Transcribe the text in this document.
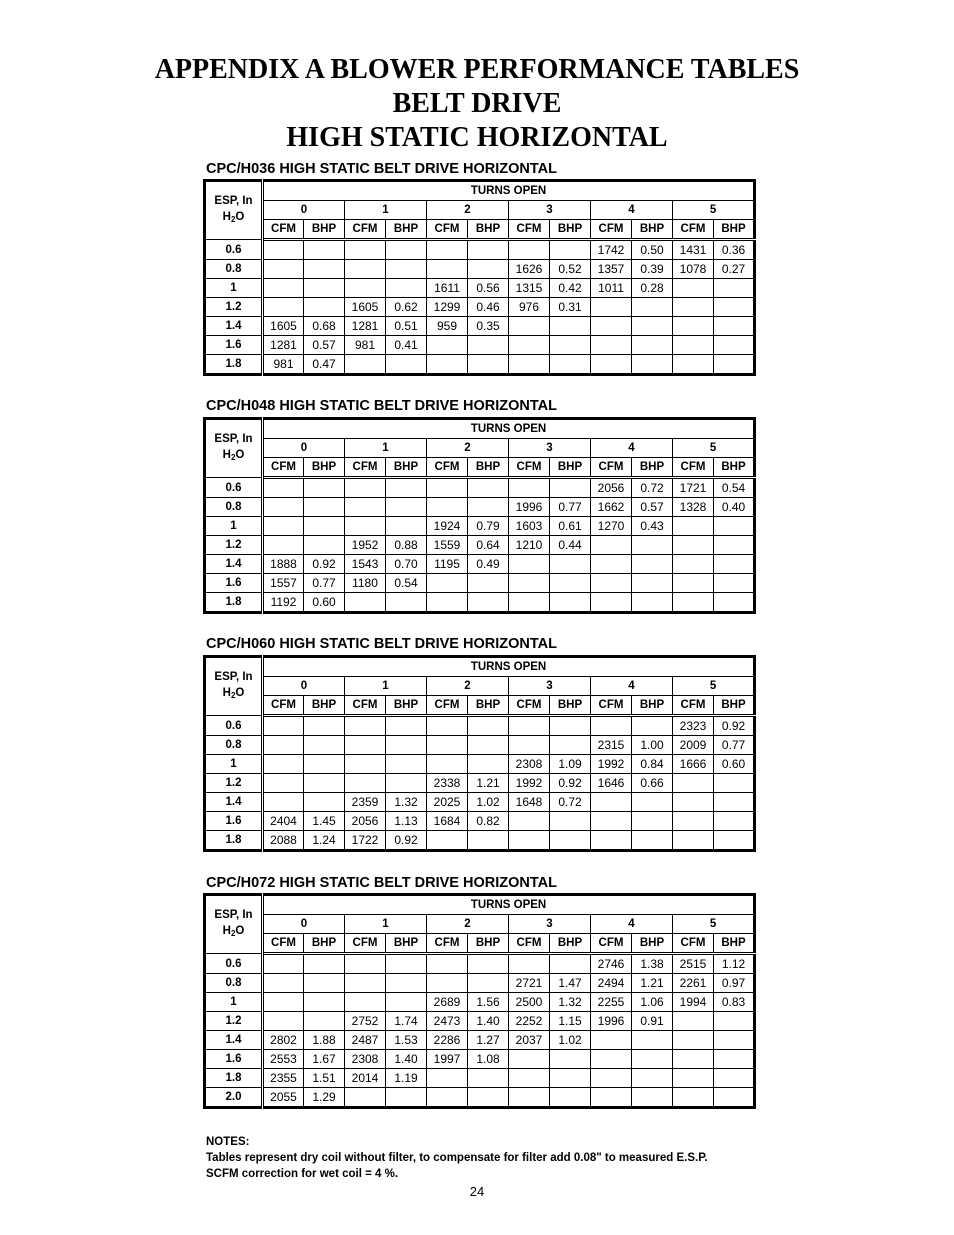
APPENDIX A BLOWER PERFORMANCE TABLES
BELT DRIVE
HIGH STATIC HORIZONTAL
CPC/H036 HIGH STATIC BELT DRIVE HORIZONTAL
ESP, In
$H_2O$	TURNS OPEN											
	0		1		2		3		4		5	
	CFM	BHP	CFM	BHP	CFM	BHP	CFM	BHP	CFM	BHP	CFM	BHP
0.6									1742	0.50	1431	0.36
0.8							1626	0.52	1357	0.39	1078	0.27
1					1611	0.56	1315	0.42	1011	0.28		
1.2			1605	0.62	1299	0.46	976	0.31				
1.4	1605	0.68	1281	0.51	959	0.35						
1.6	1281	0.57	981	0.41								
1.8	981	0.47										
CPC/H048 HIGH STATIC BELT DRIVE HORIZONTAL
ESP, In
$H_2O$	TURNS OPEN											
	0		1		2		3		4		5	
	CFM	BHP	CFM	BHP	CFM	BHP	CFM	BHP	CFM	BHP	CFM	BHP
0.6									2056	0.72	1721	0.54
0.8							1996	0.77	1662	0.57	1328	0.40
1					1924	0.79	1603	0.61	1270	0.43		
1.2			1952	0.88	1559	0.64	1210	0.44				
1.4	1888	0.92	1543	0.70	1195	0.49						
1.6	1557	0.77	1180	0.54								
1.8	1192	0.60										
CPC/H060 HIGH STATIC BELT DRIVE HORIZONTAL
ESP, In
$H_2O$	TURNS OPEN											
	0		1		2		3		4		5	
	CFM	BHP	CFM	BHP	CFM	BHP	CFM	BHP	CFM	BHP	CFM	BHP
0.6											2323	0.92
0.8									2315	1.00	2009	0.77
1							2308	1.09	1992	0.84	1666	0.60
1.2					2338	1.21	1992	0.92	1646	0.66		
1.4			2359	1.32	2025	1.02	1648	0.72				
1.6	2404	1.45	2056	1.13	1684	0.82						
1.8	2088	1.24	1722	0.92								
CPC/H072 HIGH STATIC BELT DRIVE HORIZONTAL
ESP, In
$H_2O$	TURNS OPEN											
	0		1		2		3		4		5	
	CFM	BHP	CFM	BHP	CFM	BHP	CFM	BHP	CFM	BHP	CFM	BHP
0.6									2746	1.38	2515	1.12
0.8							2721	1.47	2494	1.21	2261	0.97
1					2689	1.56	2500	1.32	2255	1.06	1994	0.83
1.2			2752	1.74	2473	1.40	2252	1.15	1996	0.91		
1.4	2802	1.88	2487	1.53	2286	1.27	2037	1.02				
1.6	2553	1.67	2308	1.40	1997	1.08						
1.8	2355	1.51	2014	1.19								
2.0	2055	1.29										
NOTES:
Tables represent dry coil without filter, to compensate for filter add 0.08" to measured E.S.P.
SCFM correction for wet coil = 4 %.
24
